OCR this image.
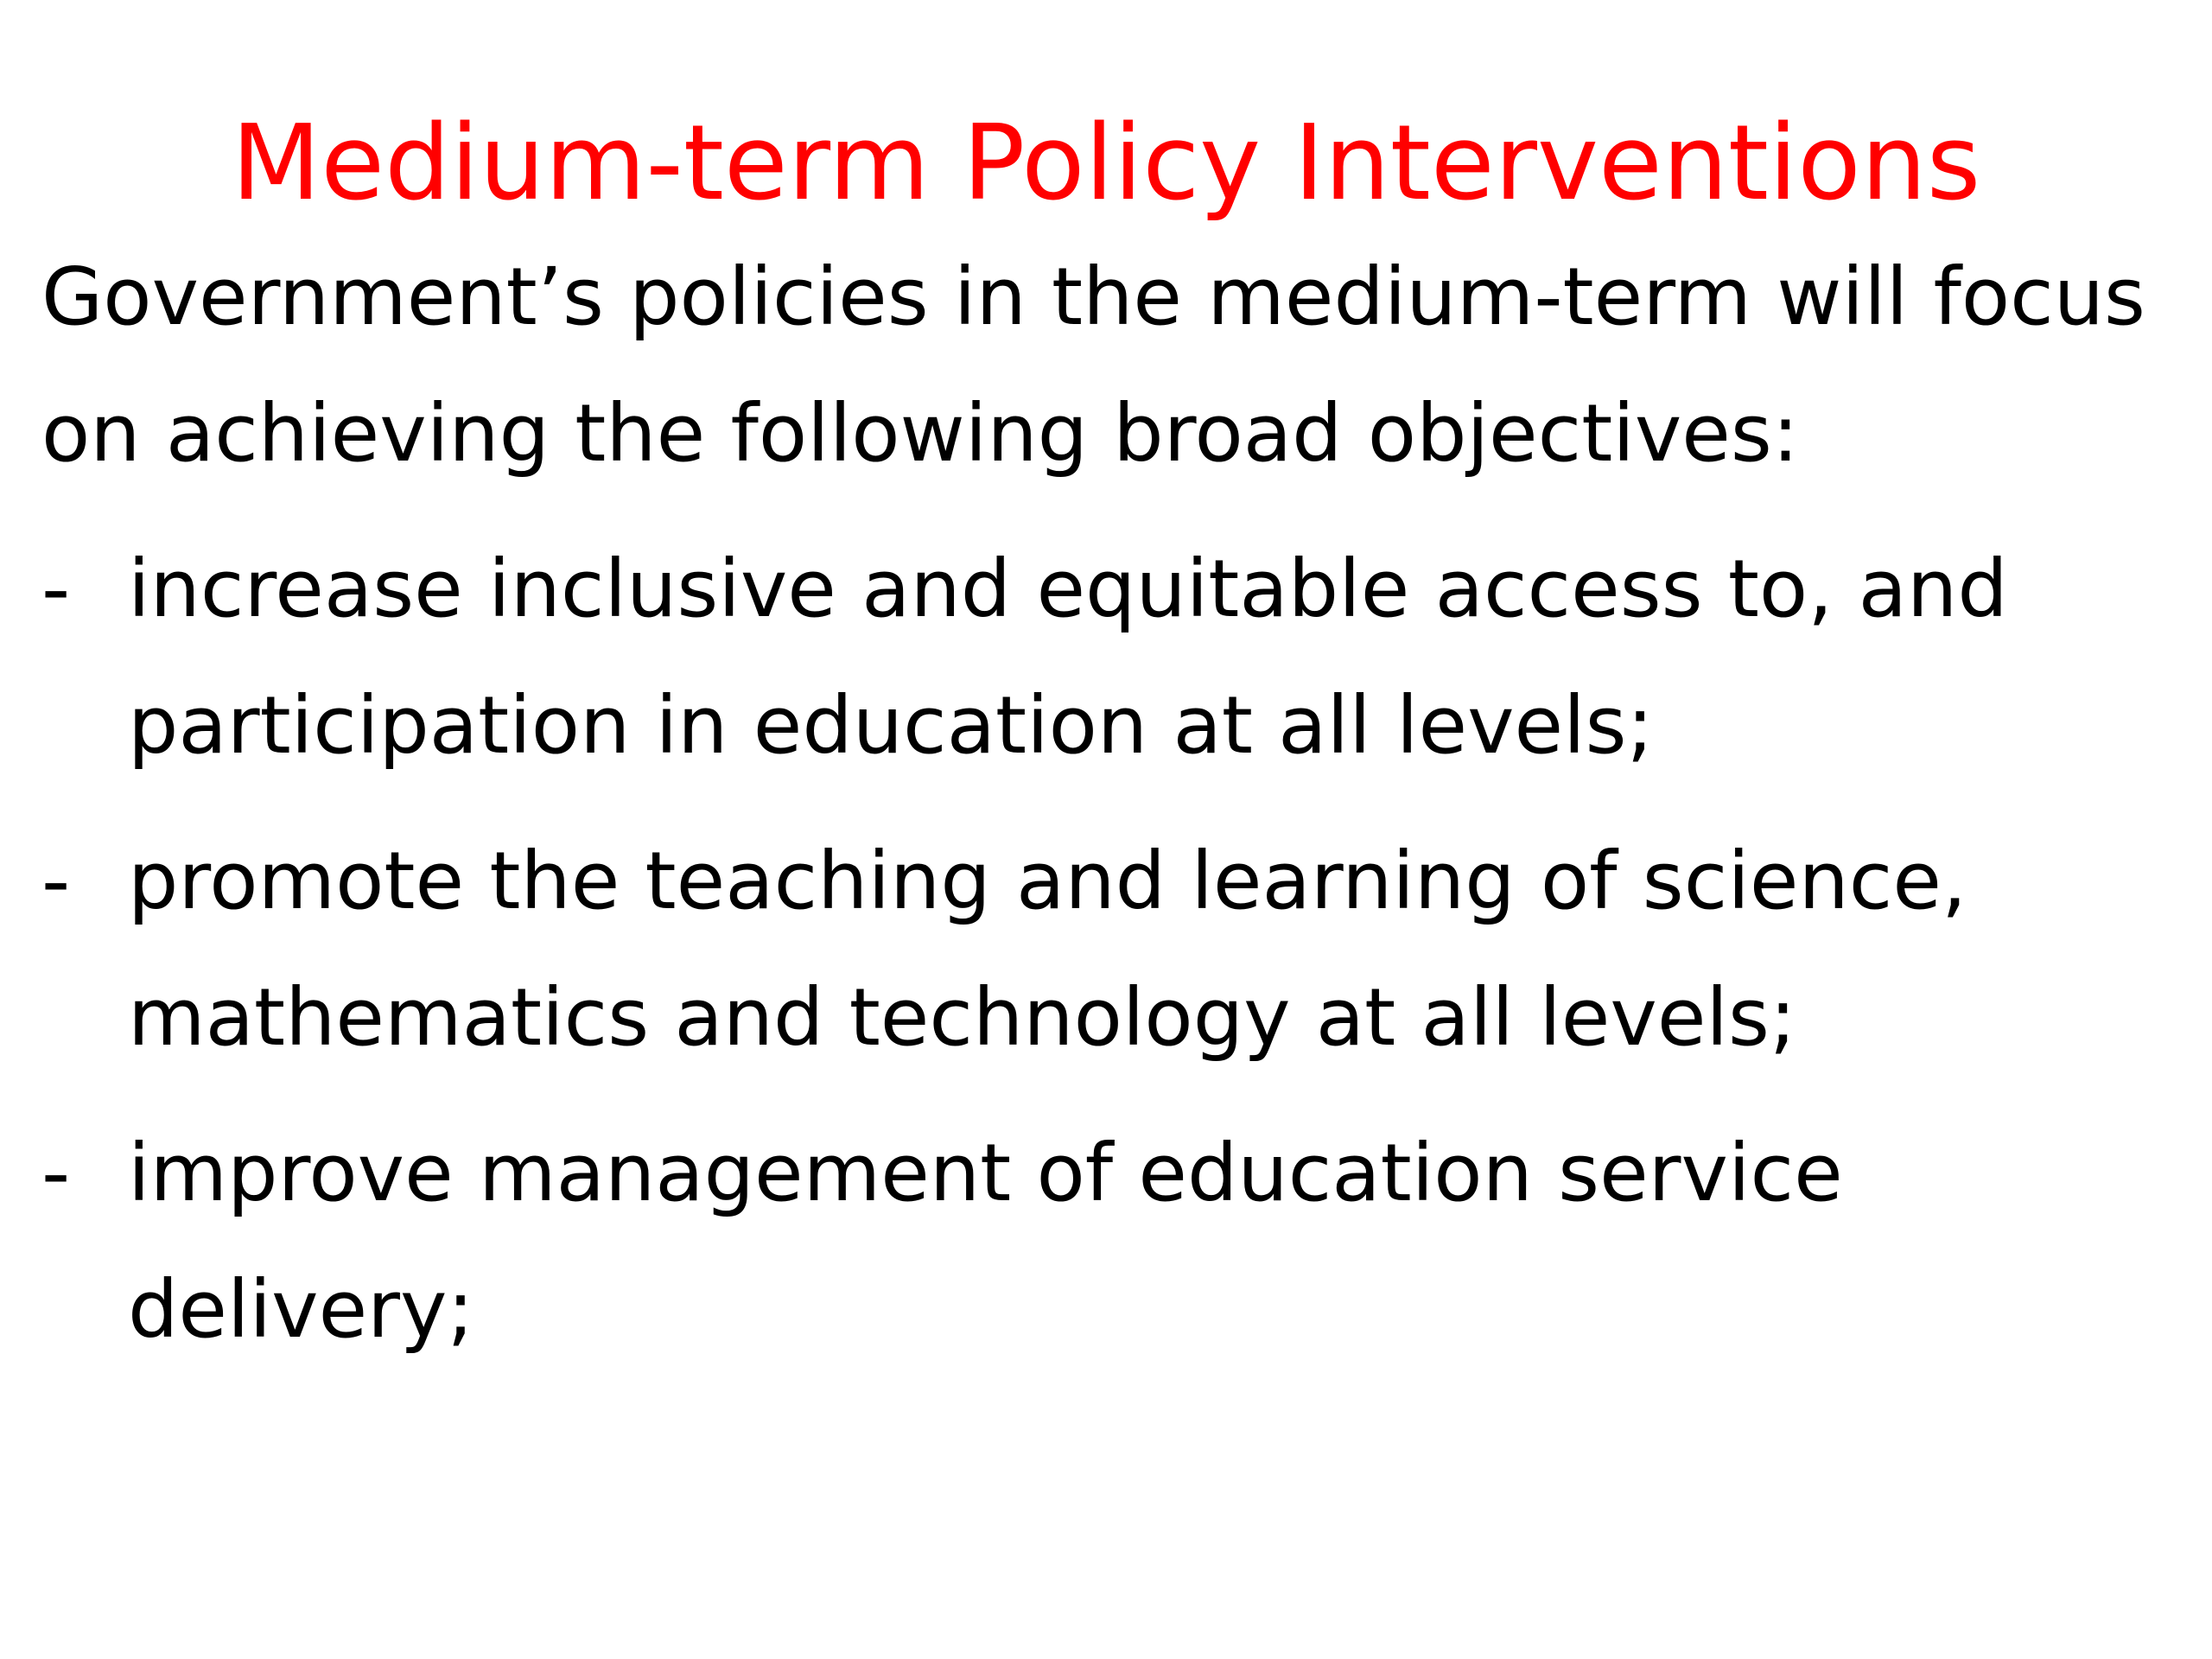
Medium-term Policy Interventions

Government’s policies in the medium-term will focus on achieving the following broad objectives:

- increase inclusive and equitable access to, and participation in education at all levels;
- promote the teaching and learning of science, mathematics and technology at all levels;
- improve management of education service delivery;
